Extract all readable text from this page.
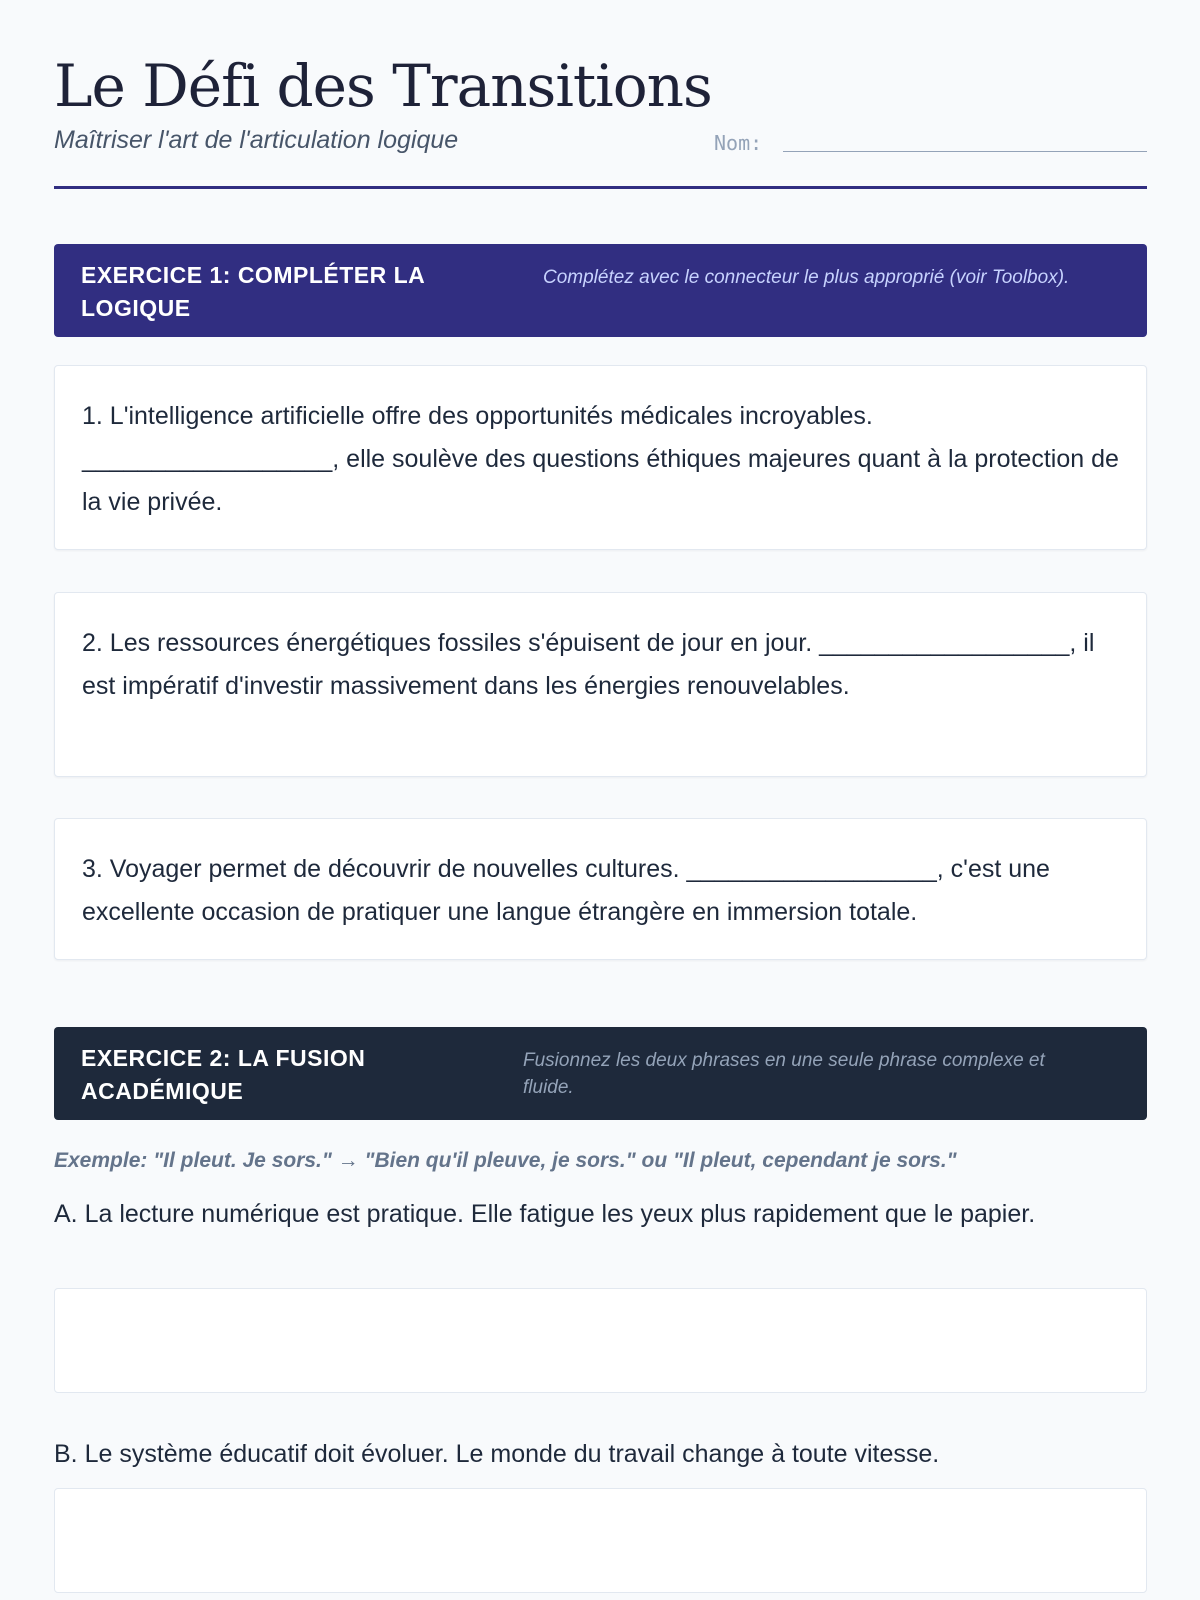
Le Défi des Transitions
Maîtriser l'art de l'articulation logique	Nom:
EXERCICE 1: COMPLÉTER LA LOGIQUE
Complétez avec le connecteur le plus approprié (voir Toolbox).
1. L'intelligence artificielle offre des opportunités médicales incroyables. __________________, elle soulève des questions éthiques majeures quant à la protection de la vie privée.
2. Les ressources énergétiques fossiles s'épuisent de jour en jour. __________________, il est impératif d'investir massivement dans les énergies renouvelables.
3. Voyager permet de découvrir de nouvelles cultures. __________________, c'est une excellente occasion de pratiquer une langue étrangère en immersion totale.
EXERCICE 2: LA FUSION ACADÉMIQUE
Fusionnez les deux phrases en une seule phrase complexe et fluide.
Exemple: "Il pleut. Je sors." → "Bien qu'il pleuve, je sors." ou "Il pleut, cependant je sors."
A. La lecture numérique est pratique. Elle fatigue les yeux plus rapidement que le papier.
B. Le système éducatif doit évoluer. Le monde du travail change à toute vitesse.
